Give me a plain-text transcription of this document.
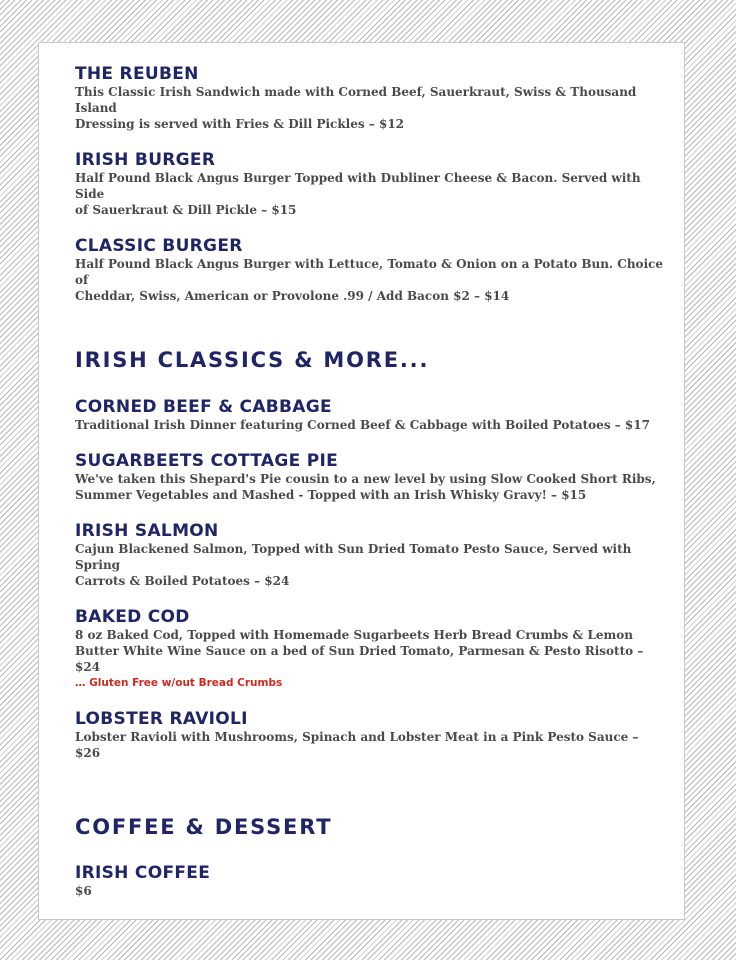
THE REUBEN

This Classic Irish Sandwich made with Corned Beef, Sauerkraut, Swiss & Thousand Island
Dressing is served with Fries & Dill Pickles – $12

IRISH BURGER

Half Pound Black Angus Burger Topped with Dubliner Cheese & Bacon. Served with Side
of Sauerkraut & Dill Pickle – $15

CLASSIC BURGER

Half Pound Black Angus Burger with Lettuce, Tomato & Onion on a Potato Bun. Choice of
Cheddar, Swiss, American or Provolone .99 / Add Bacon $2 – $14

IRISH CLASSICS & MORE...
CORNED BEEF & CABBAGE

Traditional Irish Dinner featuring Corned Beef & Cabbage with Boiled Potatoes – $17

SUGARBEETS COTTAGE PIE

We've taken this Shepard's Pie cousin to a new level by using Slow Cooked Short Ribs,
Summer Vegetables and Mashed - Topped with an Irish Whisky Gravy! – $15

IRISH SALMON

Cajun Blackened Salmon, Topped with Sun Dried Tomato Pesto Sauce, Served with Spring
Carrots & Boiled Potatoes – $24

BAKED COD

8 oz Baked Cod, Topped with Homemade Sugarbeets Herb Bread Crumbs & Lemon
Butter White Wine Sauce on a bed of Sun Dried Tomato, Parmesan & Pesto Risotto – $24

… Gluten Free w/out Bread Crumbs

LOBSTER RAVIOLI

Lobster Ravioli with Mushrooms, Spinach and Lobster Meat in a Pink Pesto Sauce – $26

COFFEE & DESSERT
IRISH COFFEE

$6
